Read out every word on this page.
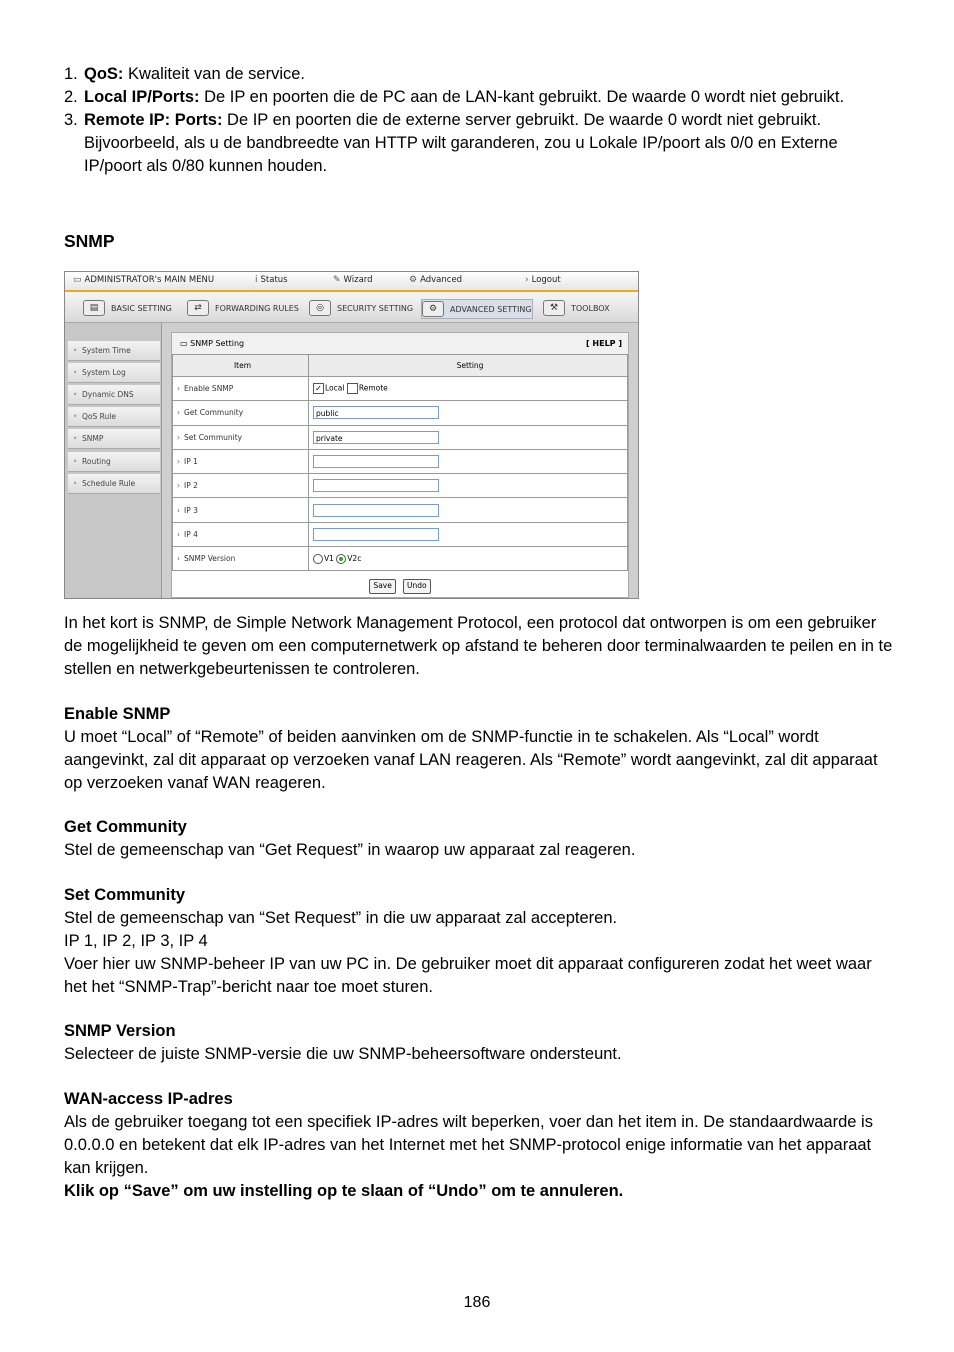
1. QoS: Kwaliteit van de service.
2. Local IP/Ports: De IP en poorten die de PC aan de LAN-kant gebruikt. De waarde 0 wordt niet gebruikt.
3. Remote IP: Ports: De IP en poorten die de externe server gebruikt. De waarde 0 wordt niet gebruikt. Bijvoorbeeld, als u de bandbreedte van HTTP wilt garanderen, zou u Lokale IP/poort als 0/0 en Externe IP/poort als 0/80 kunnen houden.
SNMP
▭ ADMINISTRATOR's MAIN MENU	ⅰ Status	✎ Wizard	⚙ Advanced	› Logout
▤	BASIC SETTING	⇄	FORWARDING RULES	◎	SECURITY SETTING	⚙	ADVANCED SETTING	⚒	TOOLBOX
• System Time
• System Log
• Dynamic DNS
• QoS Rule
• SNMP
• Routing
• Schedule Rule
▭ SNMP Setting	[ HELP ]
Item	Setting
› Enable SNMP	✓ Local Remote
› Get Community	public
› Set Community	private
› IP 1	
› IP 2	
› IP 3	
› IP 4	
› SNMP Version	V1 V2c
Save Undo

In het kort is SNMP, de Simple Network Management Protocol, een protocol dat ontworpen is om een gebruiker de mogelijkheid te geven om een computernetwerk op afstand te beheren door terminalwaarden te peilen en in te stellen en netwerkgebeurtenissen te controleren.

Enable SNMP
U moet “Local” of “Remote” of beiden aanvinken om de SNMP-functie in te schakelen. Als “Local” wordt aangevinkt, zal dit apparaat op verzoeken vanaf LAN reageren. Als “Remote” wordt aangevinkt, zal dit apparaat op verzoeken vanaf WAN reageren.
Get Community
Stel de gemeenschap van “Get Request” in waarop uw apparaat zal reageren.
Set Community
Stel de gemeenschap van “Set Request” in die uw apparaat zal accepteren.
IP 1, IP 2, IP 3, IP 4
Voer hier uw SNMP-beheer IP van uw PC in. De gebruiker moet dit apparaat configureren zodat het weet waar het het “SNMP-Trap”-bericht naar toe moet sturen.
SNMP Version
Selecteer de juiste SNMP-versie die uw SNMP-beheersoftware ondersteunt.
WAN-access IP-adres
Als de gebruiker toegang tot een specifiek IP-adres wilt beperken, voer dan het item in. De standaardwaarde is 0.0.0.0 en betekent dat elk IP-adres van het Internet met het SNMP-protocol enige informatie van het apparaat kan krijgen.
Klik op “Save” om uw instelling op te slaan of “Undo” om te annuleren.
186
